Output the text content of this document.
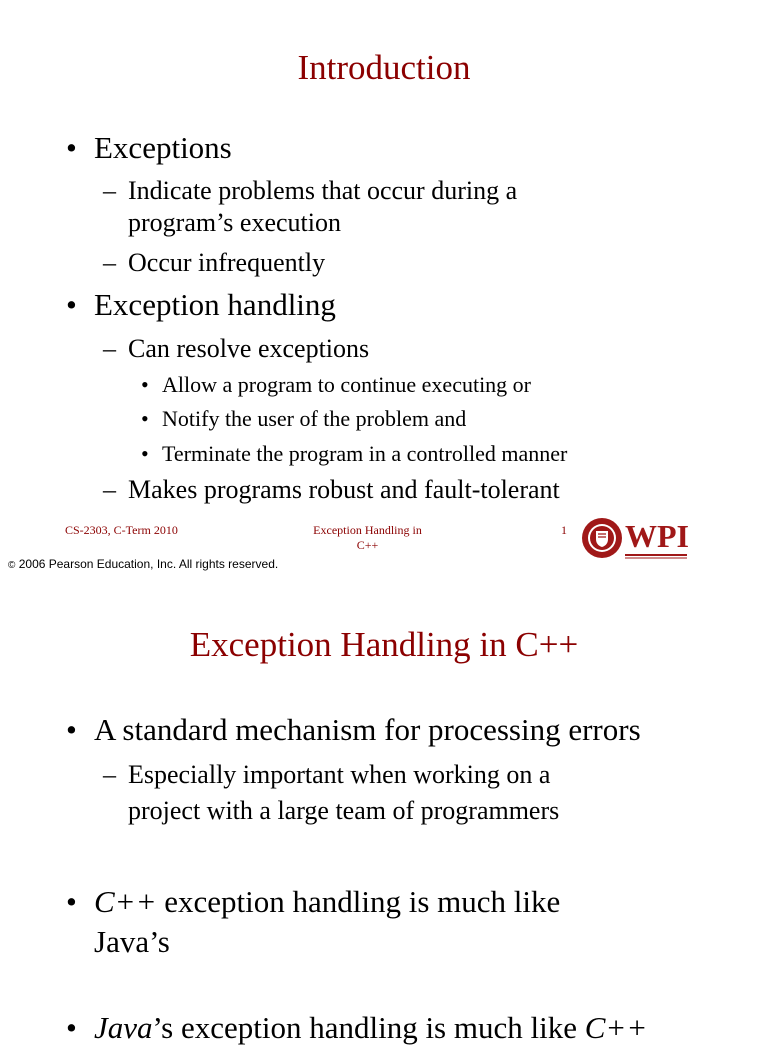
Introduction
• Exceptions
– Indicate problems that occur during a
program’s execution
– Occur infrequently
• Exception handling
– Can resolve exceptions
• Allow a program to continue executing or
• Notify the user of the problem and
• Terminate the program in a controlled manner
– Makes programs robust and fault-tolerant
CS-2303, C-Term 2010	Exception Handling in
C++
1 WPI
© 2006 Pearson Education, Inc. All rights reserved.
Exception Handling in C++
• A standard mechanism for processing errors
– Especially important when working on a
project with a large team of programmers
• C++ exception handling is much like
Java’s
• Java’s exception handling is much like C++
